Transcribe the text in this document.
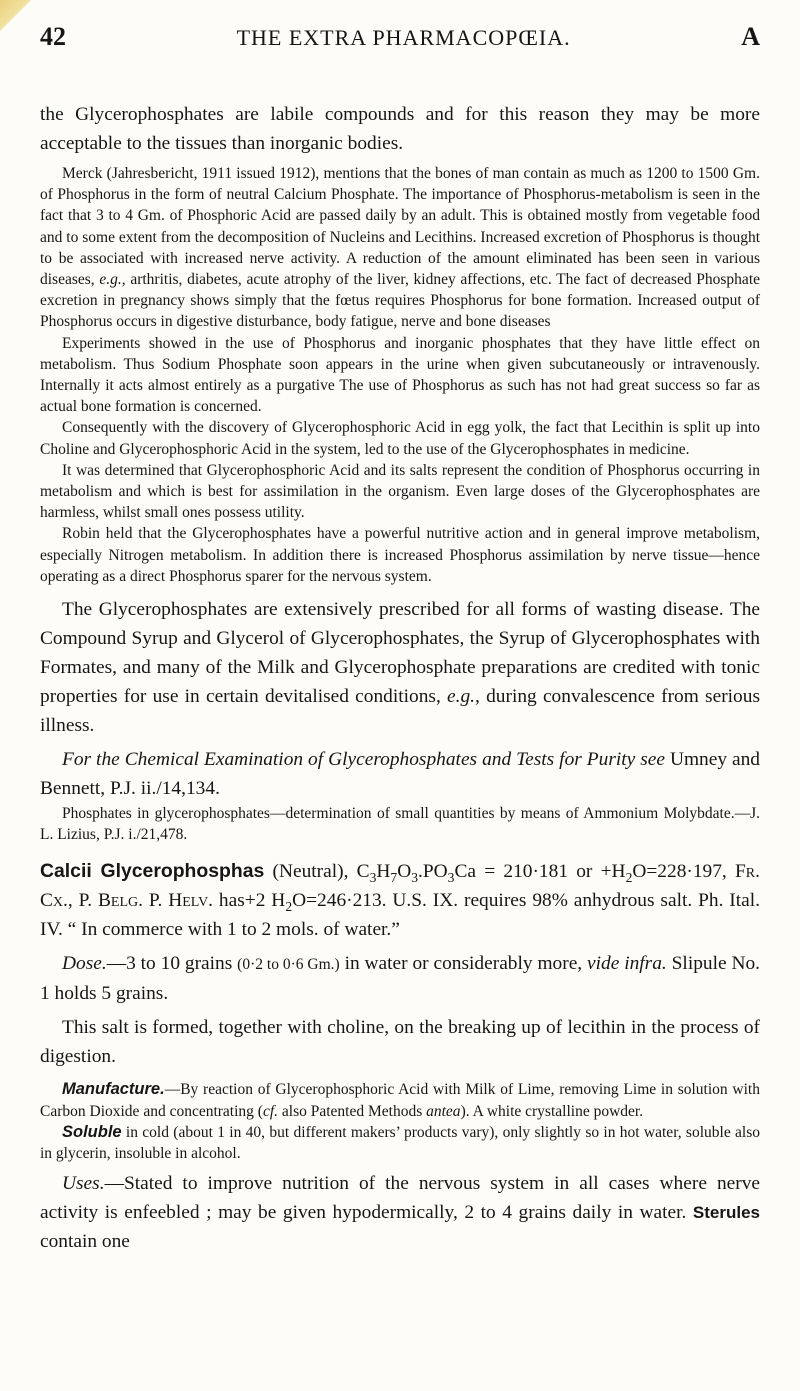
42	THE EXTRA PHARMACOPŒIA.	A

the Glycerophosphates are labile compounds and for this reason they may be more acceptable to the tissues than inorganic bodies.

Merck (Jahresbericht, 1911 issued 1912), mentions that the bones of man contain as much as 1200 to 1500 Gm. of Phosphorus in the form of neutral Calcium Phosphate. The importance of Phosphorus-metabolism is seen in the fact that 3 to 4 Gm. of Phosphoric Acid are passed daily by an adult. This is obtained mostly from vegetable food and to some extent from the decomposition of Nucleins and Lecithins. Increased excretion of Phosphorus is thought to be associated with increased nerve activity. A reduction of the amount eliminated has been seen in various diseases, e.g., arthritis, diabetes, acute atrophy of the liver, kidney affections, etc. The fact of decreased Phosphate excretion in pregnancy shows simply that the fœtus requires Phosphorus for bone formation. Increased output of Phosphorus occurs in digestive disturbance, body fatigue, nerve and bone diseases

Experiments showed in the use of Phosphorus and inorganic phosphates that they have little effect on metabolism. Thus Sodium Phosphate soon appears in the urine when given subcutaneously or intravenously. Internally it acts almost entirely as a purgative The use of Phosphorus as such has not had great success so far as actual bone formation is concerned.

Consequently with the discovery of Glycerophosphoric Acid in egg yolk, the fact that Lecithin is split up into Choline and Glycerophosphoric Acid in the system, led to the use of the Glycerophosphates in medicine.

It was determined that Glycerophosphoric Acid and its salts represent the condition of Phosphorus occurring in metabolism and which is best for assimilation in the organism. Even large doses of the Glycerophosphates are harmless, whilst small ones possess utility.

Robin held that the Glycerophosphates have a powerful nutritive action and in general improve metabolism, especially Nitrogen metabolism. In addition there is increased Phosphorus assimilation by nerve tissue—hence operating as a direct Phosphorus sparer for the nervous system.

The Glycerophosphates are extensively prescribed for all forms of wasting disease. The Compound Syrup and Glycerol of Glycerophosphates, the Syrup of Glycerophosphates with Formates, and many of the Milk and Glycerophosphate preparations are credited with tonic properties for use in certain devitalised conditions, e.g., during convalescence from serious illness.

For the Chemical Examination of Glycerophosphates and Tests for Purity see Umney and Bennett, P.J. ii./14,134.

Phosphates in glycerophosphates—determination of small quantities by means of Ammonium Molybdate.—J. L. Lizius, P.J. i./21,478.

Calcii Glycerophosphas (Neutral), $C_3H_7O_3.PO_3Ca = 210\cdot 181$ or $+H_2O=228\cdot 197$, Fr. Cx., P. Belg. P. Helv. has+2 $H_2O=246\cdot 213$. U.S. IX. requires 98% anhydrous salt. Ph. Ital. IV. “ In commerce with 1 to 2 mols. of water.”

Dose.—3 to 10 grains (0·2 to 0·6 Gm.) in water or considerably more, vide infra. Slipule No. 1 holds 5 grains.

This salt is formed, together with choline, on the breaking up of lecithin in the process of digestion.

Manufacture.—By reaction of Glycerophosphoric Acid with Milk of Lime, removing Lime in solution with Carbon Dioxide and concentrating (cf. also Patented Methods antea). A white crystalline powder.

Soluble in cold (about 1 in 40, but different makers’ products vary), only slightly so in hot water, soluble also in glycerin, insoluble in alcohol.

Uses.—Stated to improve nutrition of the nervous system in all cases where nerve activity is enfeebled ; may be given hypodermically, 2 to 4 grains daily in water. Sterules contain one
